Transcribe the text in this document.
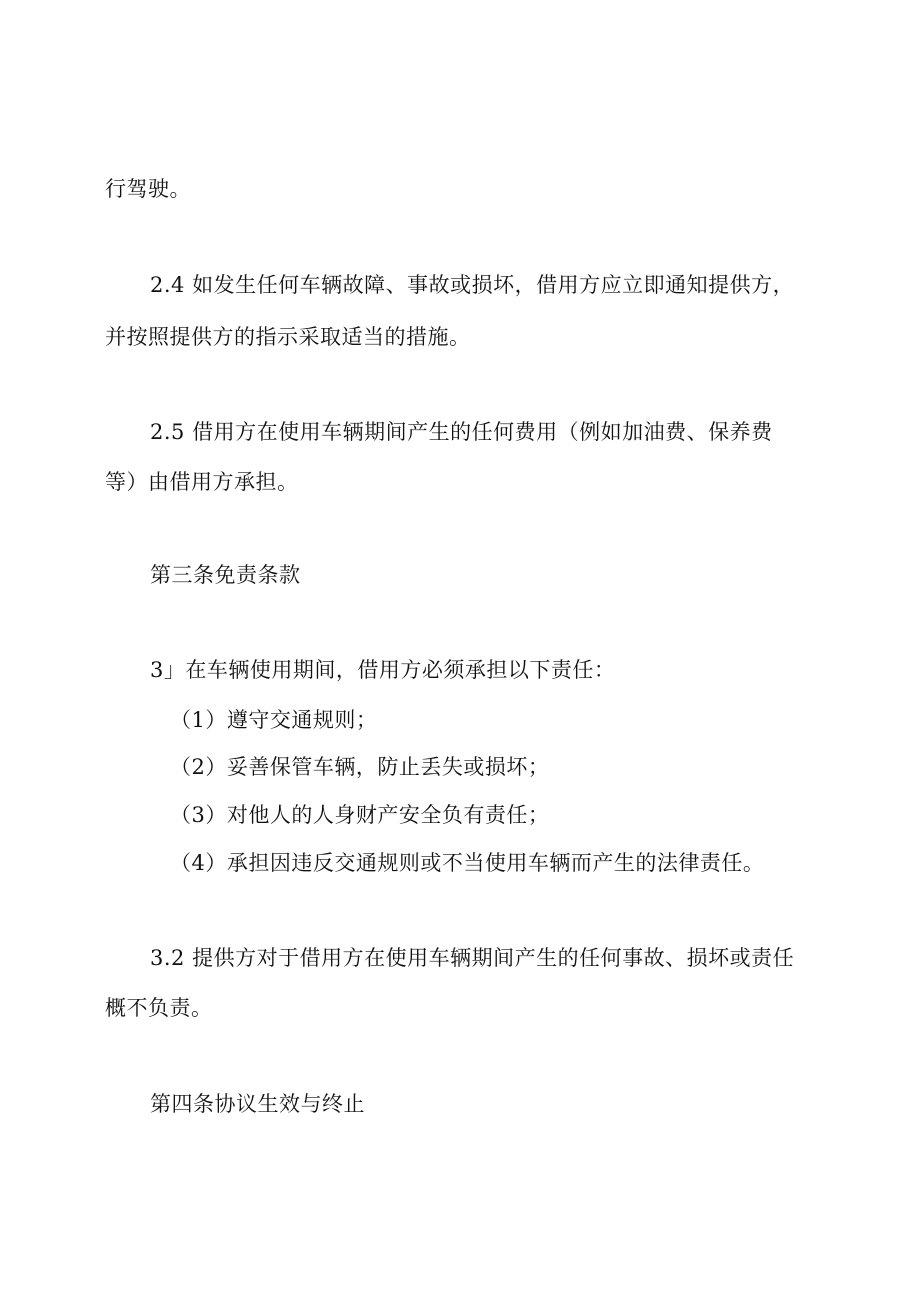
行驾驶。
2.4 如发生任何车辆故障、事故或损坏，借用方应立即通知提供方，
并按照提供方的指示采取适当的措施。
2.5 借用方在使用车辆期间产生的任何费用（例如加油费、保养费
等）由借用方承担。
第三条免责条款
3」在车辆使用期间，借用方必须承担以下责任：
（1）遵守交通规则；
（2）妥善保管车辆，防止丢失或损坏；
（3）对他人的人身财产安全负有责任；
（4）承担因违反交通规则或不当使用车辆而产生的法律责任。
3.2 提供方对于借用方在使用车辆期间产生的任何事故、损坏或责任
概不负责。
第四条协议生效与终止
